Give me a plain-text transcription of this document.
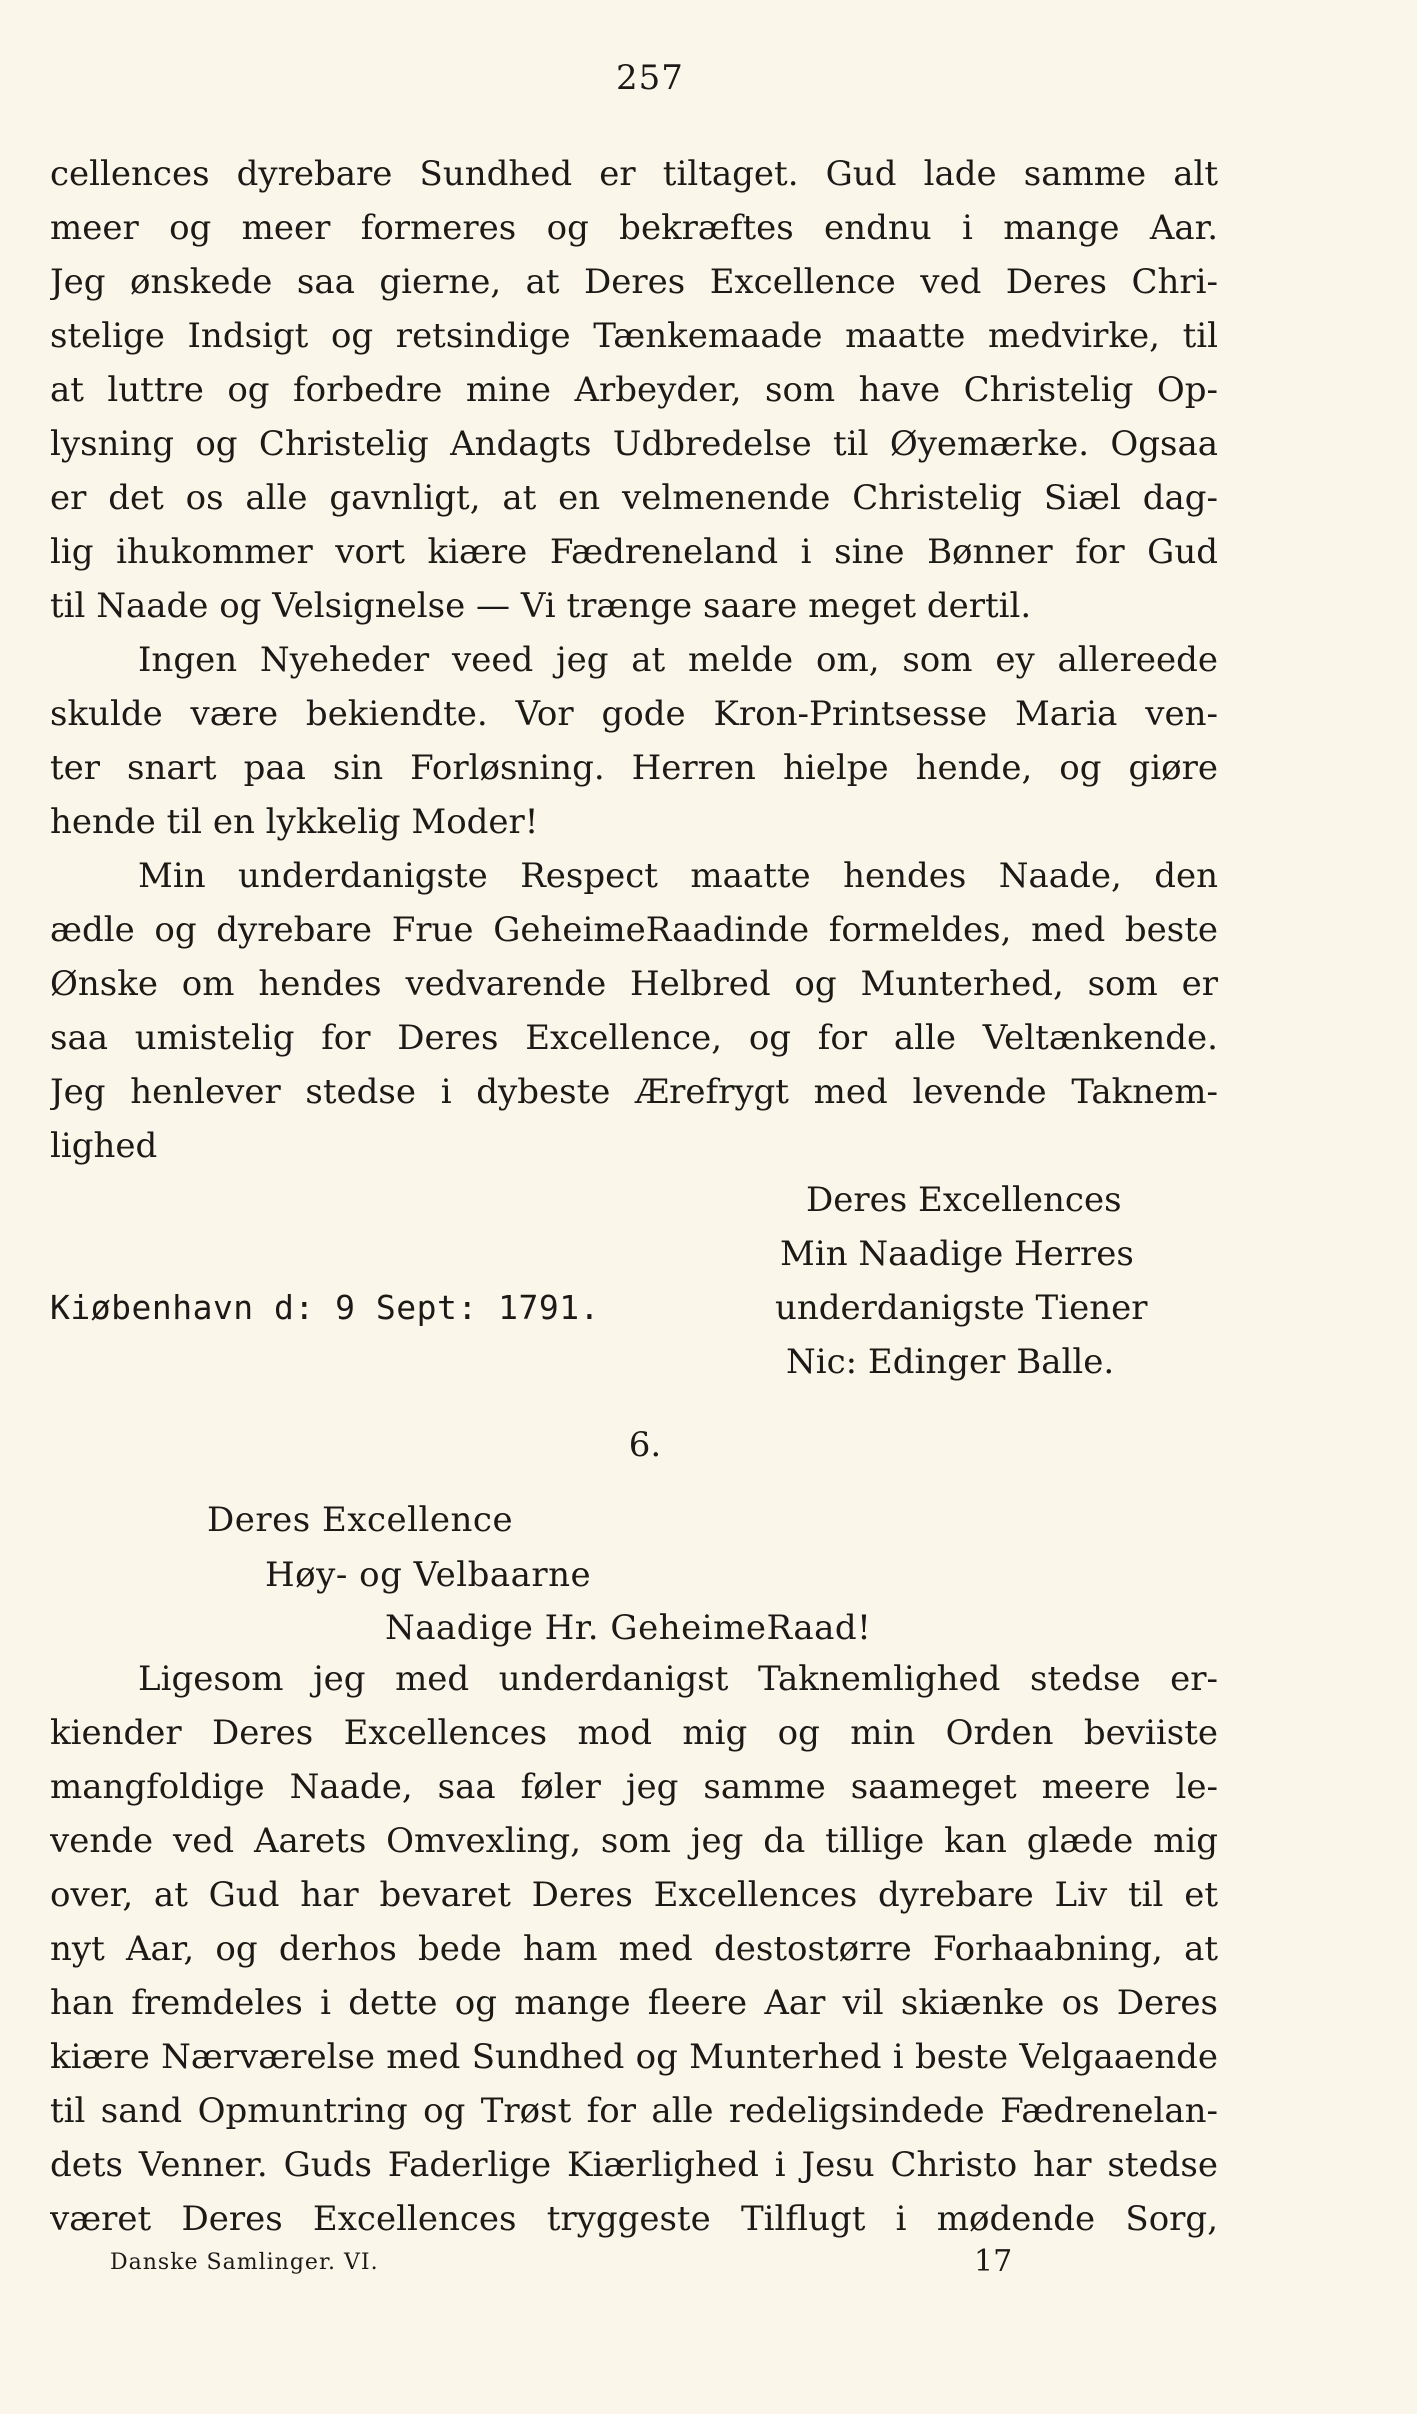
257
cellences dyrebare Sundhed er tiltaget. Gud lade samme alt
meer og meer formeres og bekræftes endnu i mange Aar.
Jeg ønskede saa gierne, at Deres Excellence ved Deres Chri-
stelige Indsigt og retsindige Tænkemaade maatte medvirke, til
at luttre og forbedre mine Arbeyder, som have Christelig Op-
lysning og Christelig Andagts Udbredelse til Øyemærke. Ogsaa
er det os alle gavnligt, at en velmenende Christelig Siæl dag-
lig ihukommer vort kiære Fædreneland i sine Bønner for Gud
til Naade og Velsignelse — Vi trænge saare meget dertil.
Ingen Nyeheder veed jeg at melde om, som ey allereede
skulde være bekiendte. Vor gode Kron-Printsesse Maria ven-
ter snart paa sin Forløsning. Herren hielpe hende, og giøre
hende til en lykkelig Moder!
Min underdanigste Respect maatte hendes Naade, den
ædle og dyrebare Frue GeheimeRaadinde formeldes, med beste
Ønske om hendes vedvarende Helbred og Munterhed, som er
saa umistelig for Deres Excellence, og for alle Veltænkende.
Jeg henlever stedse i dybeste Ærefrygt med levende Taknem-
lighed
Deres Excellences
Min Naadige Herres
Kiøbenhavn d: 9 Sept: 1791.	underdanigste Tiener
Nic: Edinger Balle.
6.
Deres Excellence
Høy- og Velbaarne
Naadige Hr. GeheimeRaad!
Ligesom jeg med underdanigst Taknemlighed stedse er-
kiender Deres Excellences mod mig og min Orden beviiste
mangfoldige Naade, saa føler jeg samme saameget meere le-
vende ved Aarets Omvexling, som jeg da tillige kan glæde mig
over, at Gud har bevaret Deres Excellences dyrebare Liv til et
nyt Aar, og derhos bede ham med destostørre Forhaabning, at
han fremdeles i dette og mange fleere Aar vil skiænke os Deres
kiære Nærværelse med Sundhed og Munterhed i beste Velgaaende
til sand Opmuntring og Trøst for alle redeligsindede Fædrenelan-
dets Venner. Guds Faderlige Kiærlighed i Jesu Christo har stedse
været Deres Excellences tryggeste Tilflugt i mødende Sorg,
Danske Samlinger. VI.	17
